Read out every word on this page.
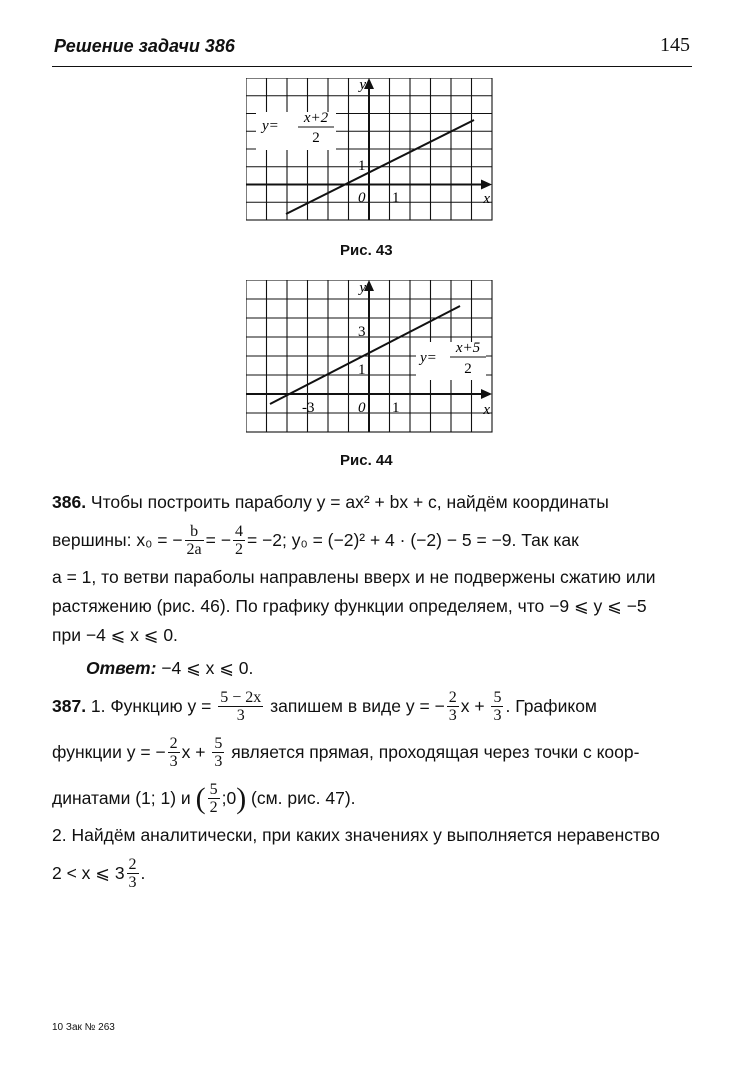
Решение задачи 386	145
y
x
0 1
1
y= x+2
2
Рис. 43
y
x
0 1
1
3
-3
y=
x+5
2
Рис. 44
386. Чтобы построить параболу y = ax² + bx + c, найдём координаты
вершины: x₀ = − $\frac{b}{2a}$ = − $\frac{4}{2} = -2$; y₀ = (−2)² + 4 · (−2) − 5 = −9. Так как
a = 1, то ветви параболы направлены вверх и не подвержены сжатию или
растяжению (рис. 46). По графику функции определяем, что −9 ⩽ y ⩽ −5
при −4 ⩽ x ⩽ 0.
Ответ: −4 ⩽ x ⩽ 0.
387. 1. Функцию $y = \frac{5 - 2x}{3}$ запишем в виде y = − $\frac{2}{3}$ $x + \frac{5}{3}$ . Графиком
функции y = − $\frac{2}{3}$ $x + \frac{5}{3}$ является прямая, проходящая через точки с коор-
динатами (1; 1) и ( $\frac{5}{2}$ ;0 ) (см. рис. 47).
2. Найдём аналитически, при каких значениях y выполняется неравенство
2 < x ⩽ $3 \frac{2}{3}$ .
10 Зак № 263
